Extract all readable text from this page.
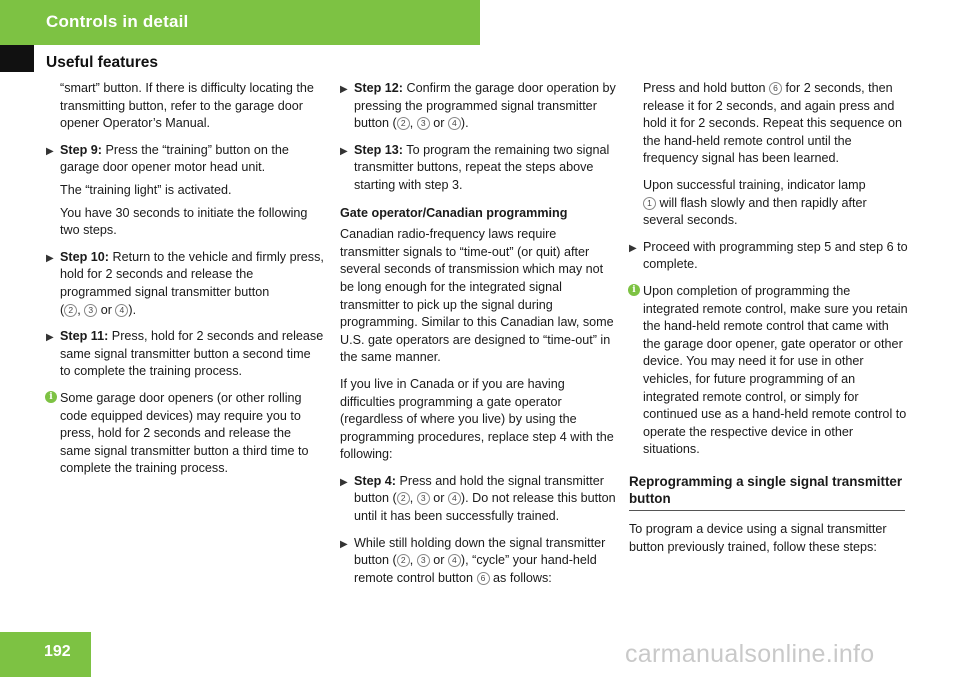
Controls in detail
Useful features

“smart” button. If there is difficulty locating the transmitting button, refer to the garage door opener Operator’s Manual.

▶ Step 9: Press the “training” button on the garage door opener motor head unit.

The “training light” is activated.

You have 30 seconds to initiate the following two steps.

▶ Step 10: Return to the vehicle and firmly press, hold for 2 seconds and release the programmed signal transmitter button
( 2 , 3 or 4 ).

▶ Step 11: Press, hold for 2 seconds and release same signal transmitter button a second time to complete the training process.

i Some garage door openers (or other rolling code equipped devices) may require you to press, hold for 2 seconds and release the same signal transmitter button a third time to complete the training process.
▶ Step 12: Confirm the garage door operation by pressing the programmed signal transmitter button ( 2 , 3 or 4 ).

▶ Step 13: To program the remaining two signal transmitter buttons, repeat the steps above starting with step 3.

Gate operator/Canadian programming

Canadian radio-frequency laws require transmitter signals to “time-out” (or quit) after several seconds of transmission which may not be long enough for the integrated signal transmitter to pick up the signal during programming. Similar to this Canadian law, some U.S. gate operators are designed to “time-out” in the same manner.

If you live in Canada or if you are having difficulties programming a gate operator (regardless of where you live) by using the programming procedures, replace step 4 with the following:

▶ Step 4: Press and hold the signal transmitter button ( 2 , 3 or 4 ). Do not release this button until it has been successfully trained.

▶ While still holding down the signal transmitter button ( 2 , 3 or 4 ), “cycle” your hand-held remote control button 6 as follows:

Press and hold button 6 for 2 seconds, then release it for 2 seconds, and again press and hold it for 2 seconds. Repeat this sequence on the hand-held remote control until the frequency signal has been learned.

Upon successful training, indicator lamp
1 will flash slowly and then rapidly after several seconds.

▶ Proceed with programming step 5 and step 6 to complete.

i Upon completion of programming the integrated remote control, make sure you retain the hand-held remote control that came with the garage door opener, gate operator or other device. You may need it for use in other vehicles, for future programming of an integrated remote control, or simply for continued use as a hand-held remote control to operate the respective device in other situations.
Reprogramming a single signal transmitter button

To program a device using a signal transmitter button previously trained, follow these steps:

192	carmanualsonline.info
